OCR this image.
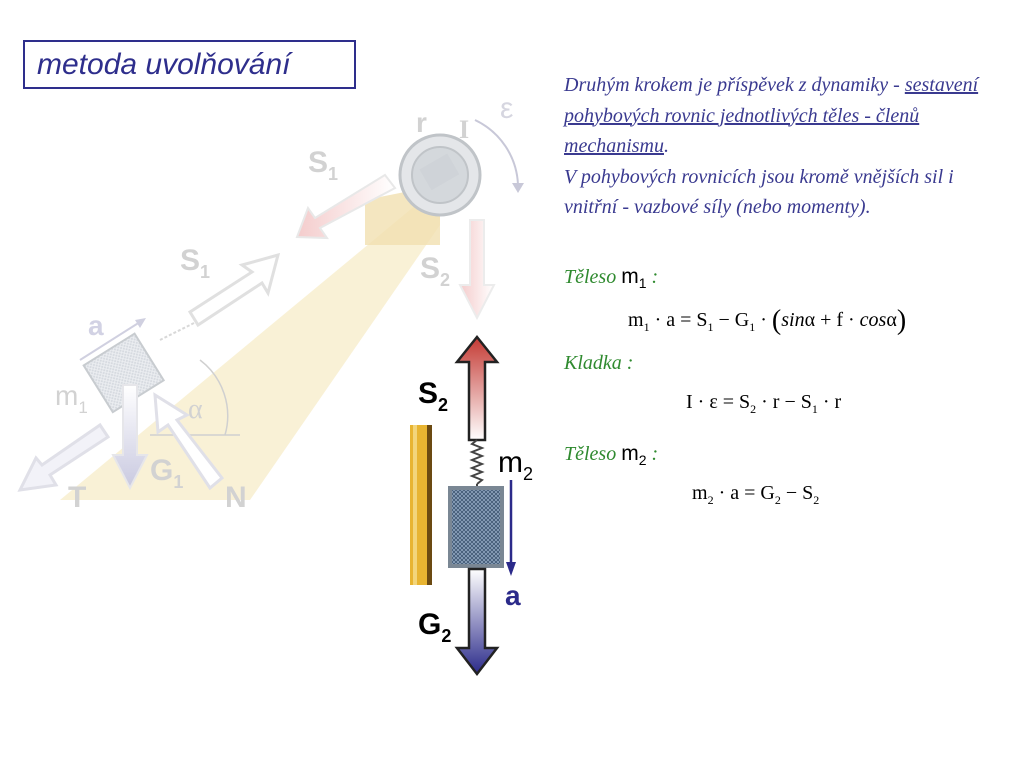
metoda uvolňování
Druhým krokem je příspěvek z dynamiky - sestavení pohybových rovnic jednotlivých těles - členů mechanismu.
V pohybových rovnicích jsou kromě vnějších sil i vnitřní - vazbové síly (nebo momenty).
Těleso $m_1$ :
Kladka :
Těleso $m_2$ :
$m_1 \cdot a = S_1 - G_1 \cdot (\sin\alpha + f \cdot \cos\alpha)$
$I \cdot \varepsilon = S_2 \cdot r - S_1 \cdot r$
$m_2 \cdot a = G_2 - S_2$
ε
r I
$S_1$
$S_1$	$S_2$
a
$m_1$	α
$G_1$
T	N
$S_2$
$m_2$
a
$G_2$
